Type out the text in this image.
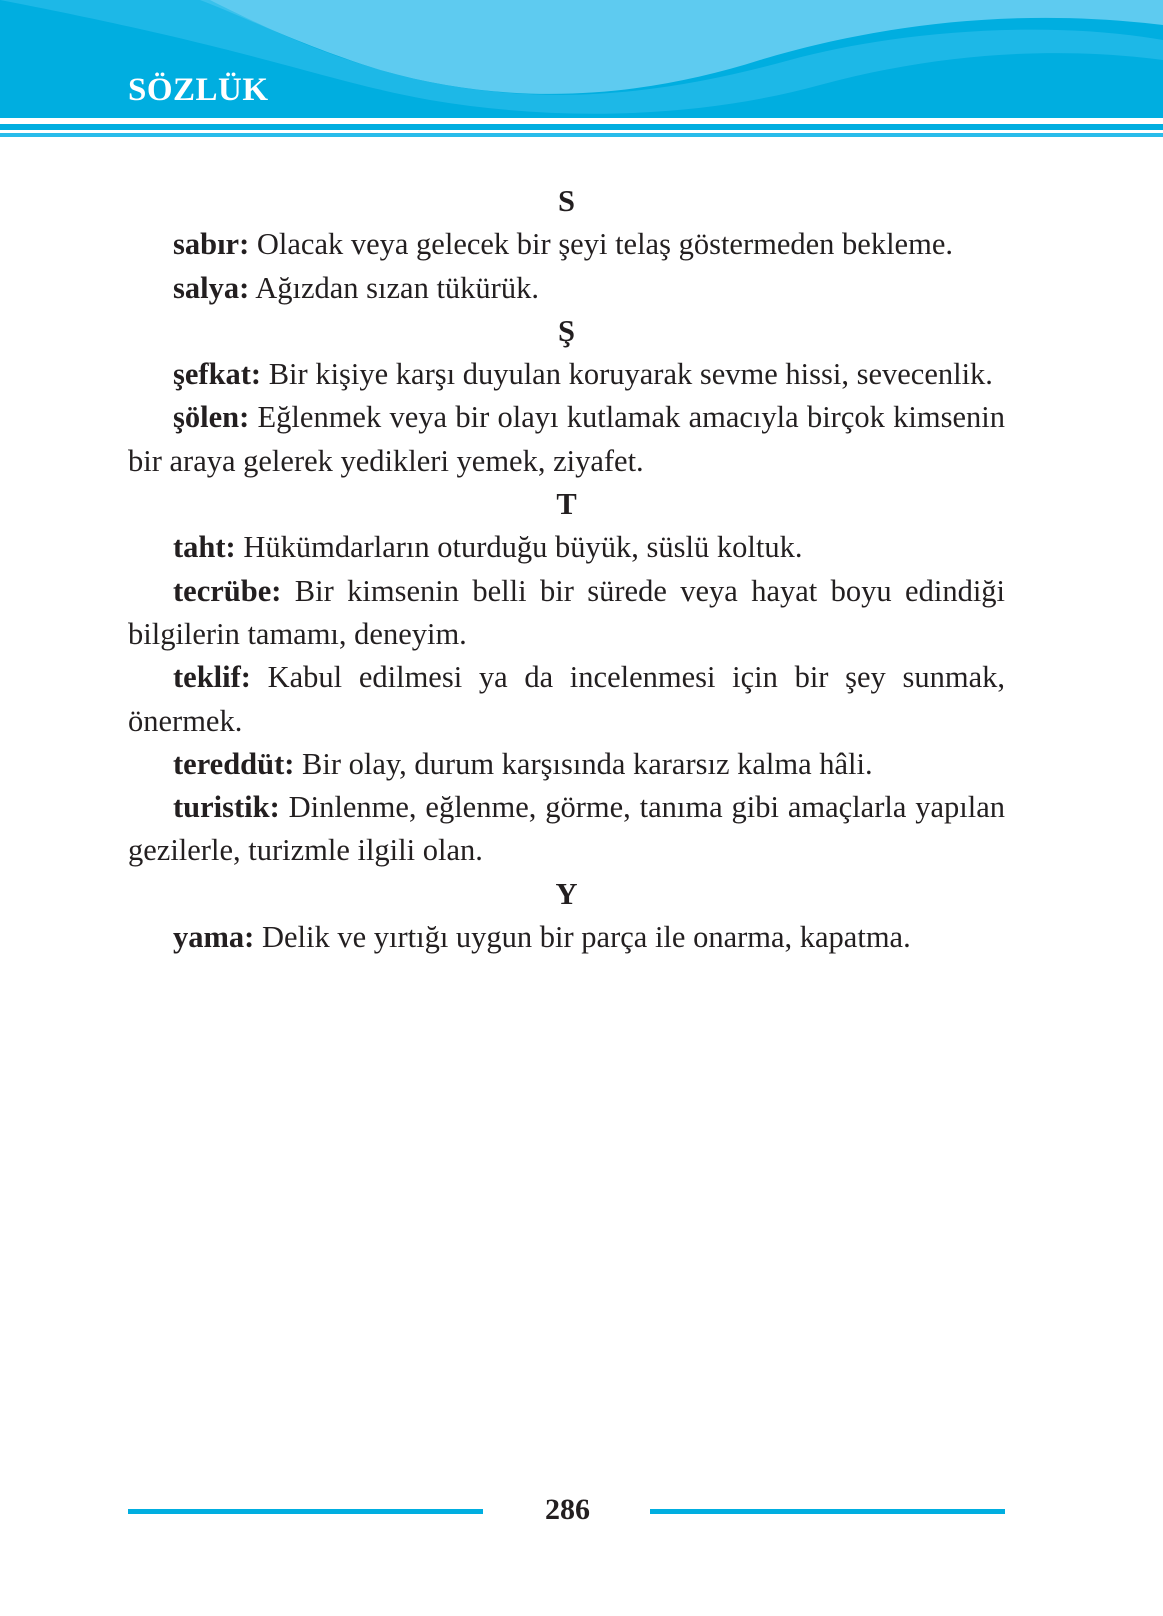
SÖZLÜK

S

sabır: Olacak veya gelecek bir şeyi telaş göstermeden bekleme.

salya: Ağızdan sızan tükürük.

Ş

şefkat: Bir kişiye karşı duyulan koruyarak sevme hissi, sevecenlik.

şölen: Eğlenmek veya bir olayı kutlamak amacıyla birçok kimsenin bir araya gelerek yedikleri yemek, ziyafet.

T

taht: Hükümdarların oturduğu büyük, süslü koltuk.

tecrübe: Bir kimsenin belli bir sürede veya hayat boyu edindiği bilgilerin tamamı, deneyim.

teklif: Kabul edilmesi ya da incelenmesi için bir şey sunmak, önermek.

tereddüt: Bir olay, durum karşısında kararsız kalma hâli.

turistik: Dinlenme, eğlenme, görme, tanıma gibi amaçlarla yapılan gezilerle, turizmle ilgili olan.

Y

yama: Delik ve yırtığı uygun bir parça ile onarma, kapatma.

286
